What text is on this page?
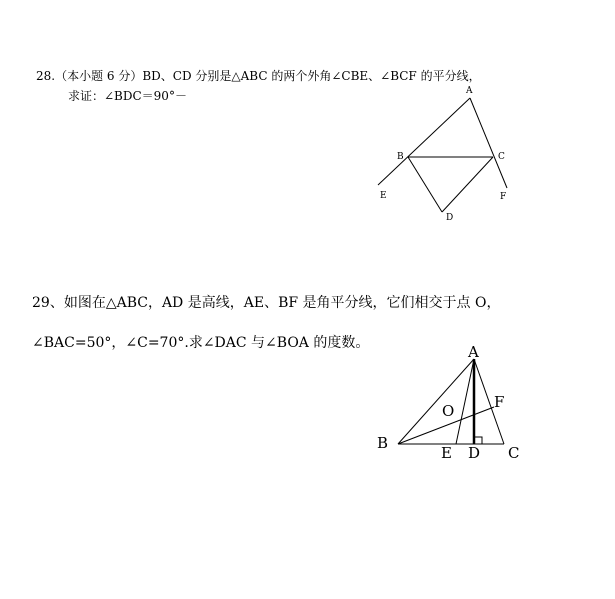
28.（本小题 6 分）BD、CD 分别是△ABC 的两个外角∠CBE、∠BCF 的平分线，
求证：∠BDC＝90°－	A
B	C
D
E	F
29、如图在△ABC，AD 是高线，AE、BF 是角平分线，它们相交于点 O，
∠BAC=50°，∠C=70°.求∠DAC 与∠BOA 的度数。	A
B
C
D
E
F
O
